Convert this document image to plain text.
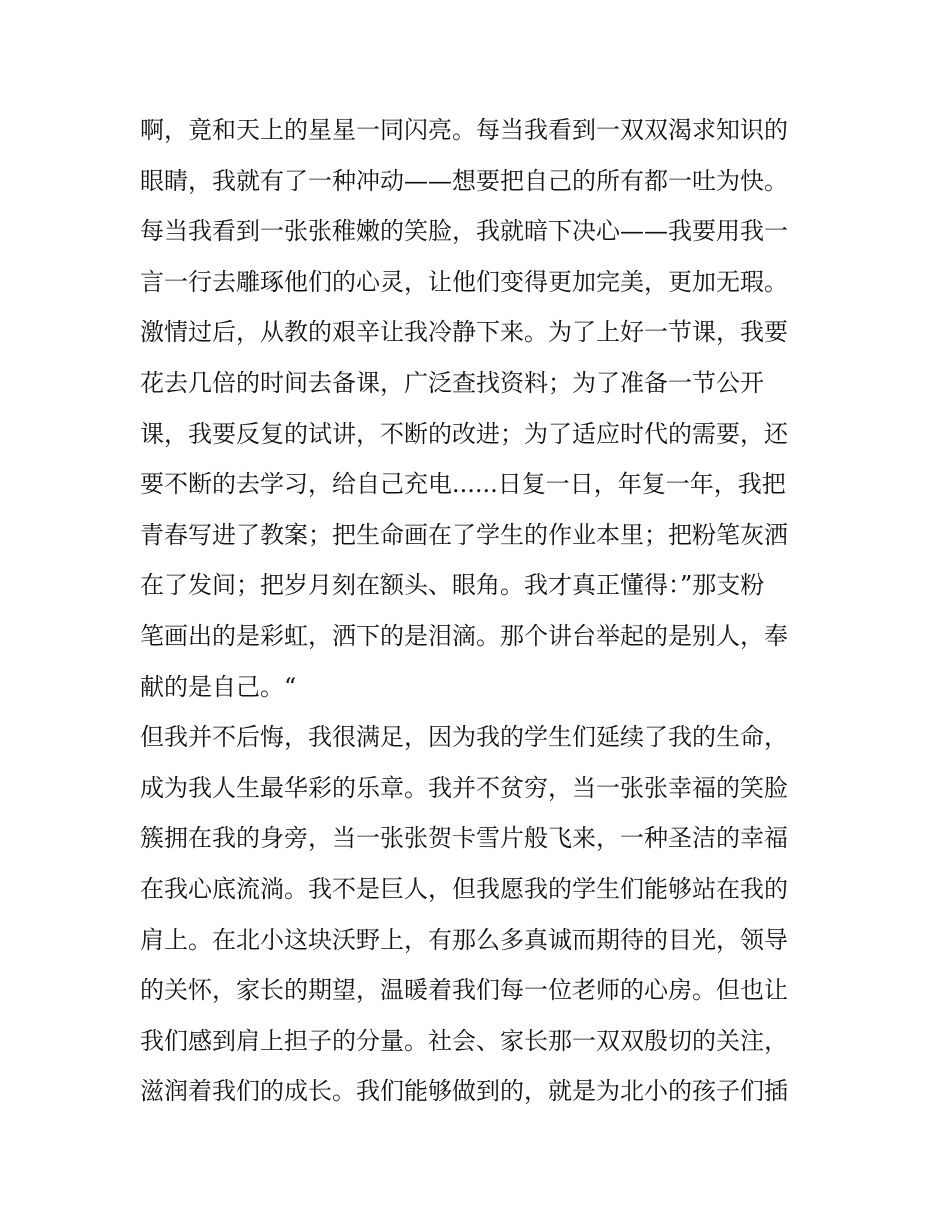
啊，竟和天上的星星一同闪亮。每当我看到一双双渴求知识的
眼睛，我就有了一种冲动——想要把自己的所有都一吐为快。
每当我看到一张张稚嫩的笑脸，我就暗下决心——我要用我一
言一行去雕琢他们的心灵，让他们变得更加完美，更加无瑕。
激情过后，从教的艰辛让我冷静下来。为了上好一节课，我要
花去几倍的时间去备课，广泛查找资料；为了准备一节公开
课，我要反复的试讲，不断的改进；为了适应时代的需要，还
要不断的去学习，给自己充电......日复一日，年复一年，我把
青春写进了教案；把生命画在了学生的作业本里；把粉笔灰洒
在了发间；把岁月刻在额头、眼角。我才真正懂得：”那支粉
笔画出的是彩虹，洒下的是泪滴。那个讲台举起的是别人，奉
献的是自己。“
但我并不后悔，我很满足，因为我的学生们延续了我的生命，
成为我人生最华彩的乐章。我并不贫穷，当一张张幸福的笑脸
簇拥在我的身旁，当一张张贺卡雪片般飞来，一种圣洁的幸福
在我心底流淌。我不是巨人，但我愿我的学生们能够站在我的
肩上。在北小这块沃野上，有那么多真诚而期待的目光，领导
的关怀，家长的期望，温暖着我们每一位老师的心房。但也让
我们感到肩上担子的分量。社会、家长那一双双殷切的关注，
滋润着我们的成长。我们能够做到的，就是为北小的孩子们插
